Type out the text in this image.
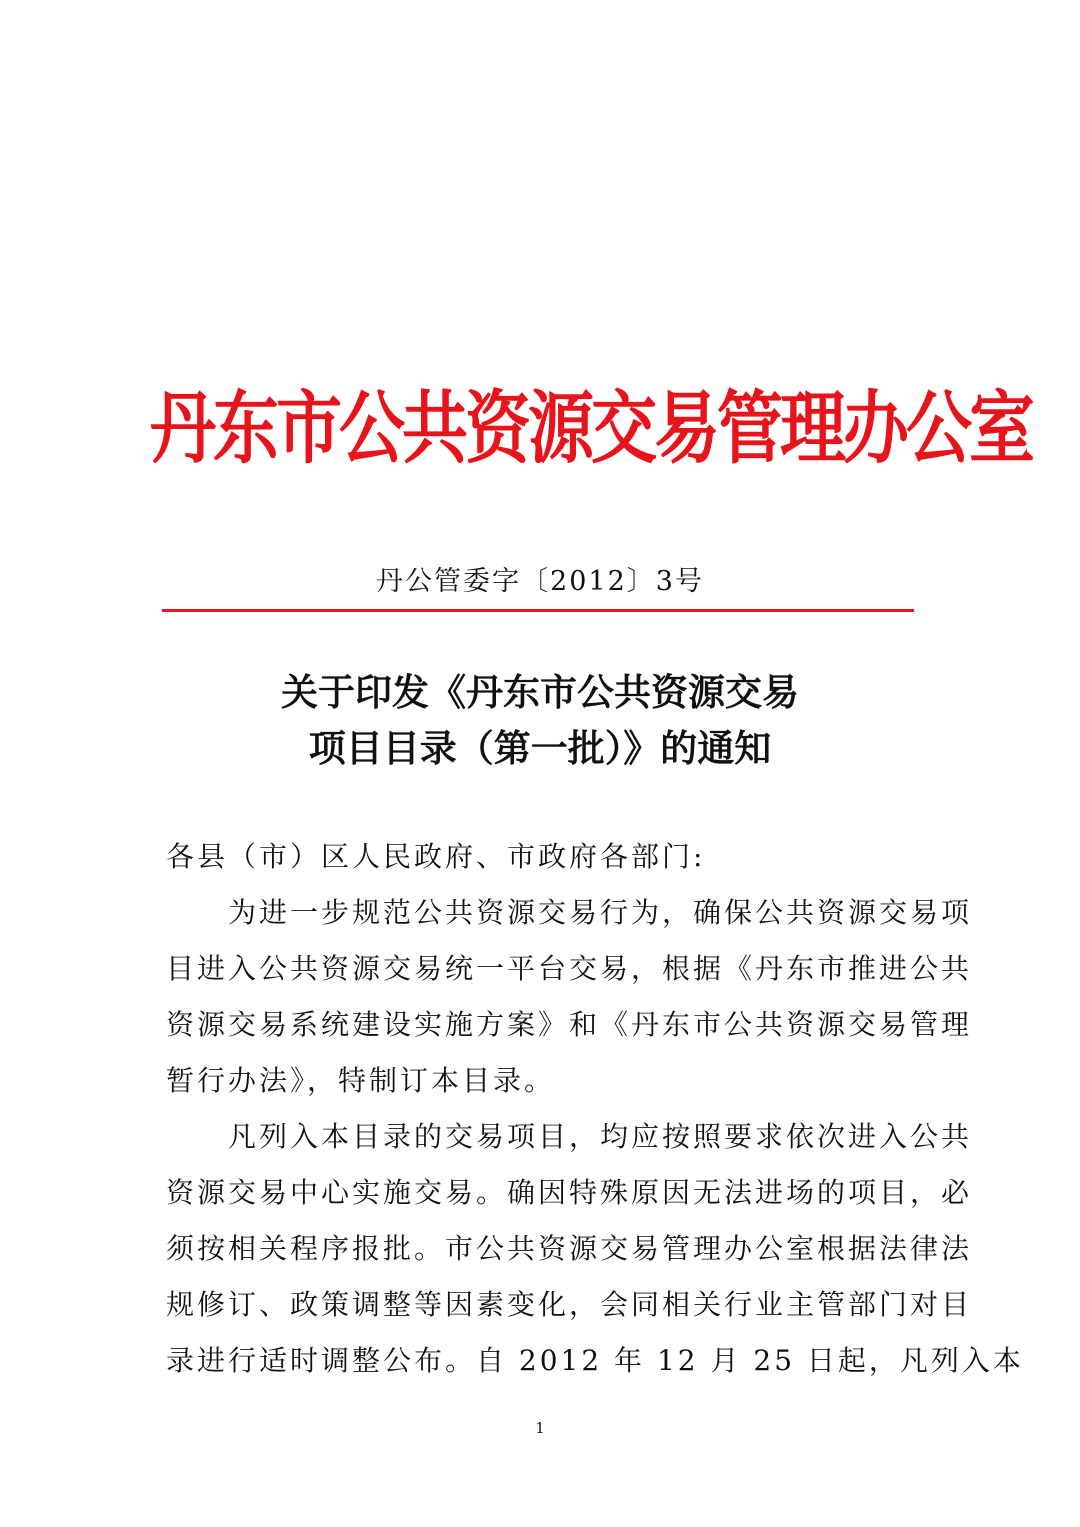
丹东市公共资源交易管理办公室
丹公管委字〔2012〕3号
关于印发《丹东市公共资源交易
项目目录（第一批）》的通知
各县（市）区人民政府、市政府各部门:
　　为进一步规范公共资源交易行为，确保公共资源交易项
目进入公共资源交易统一平台交易，根据《丹东市推进公共
资源交易系统建设实施方案》和《丹东市公共资源交易管理
暂行办法》，特制订本目录。
　　凡列入本目录的交易项目，均应按照要求依次进入公共
资源交易中心实施交易。确因特殊原因无法进场的项目，必
须按相关程序报批。市公共资源交易管理办公室根据法律法
规修订、政策调整等因素变化，会同相关行业主管部门对目
录进行适时调整公布。自 2012 年 12 月 25 日起，凡列入本
1
